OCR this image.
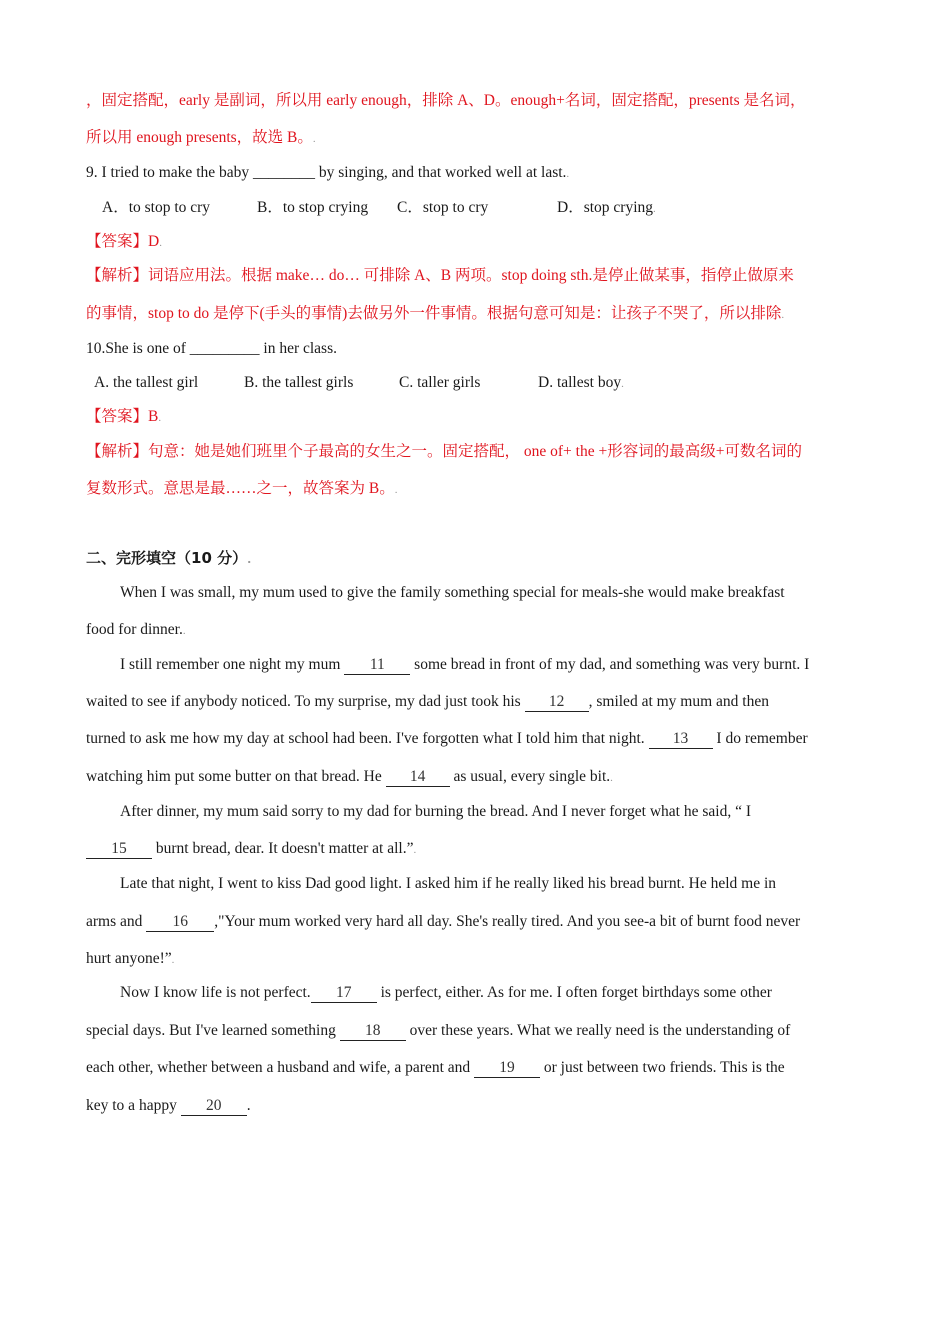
，固定搭配，early 是副词，所以用 early enough，排除 A、D。enough+名词，固定搭配，presents 是名词，
所以用 enough presents，故选 B。.
9. I tried to make the baby ________ by singing, and that worked well at last..
A．to stop to cry	B．to stop crying C．stop to cry	D．stop crying.
【答案】D.
【解析】词语应用法。根据 make… do… 可排除 A、B 两项。stop doing sth.是停止做某事，指停止做原来
的事情，stop to do 是停下(手头的事情)去做另外一件事情。根据句意可知是：让孩子不哭了，所以排除.
10.She is one of _________ in her class.
A. the tallest girl	B. the tallest girls	C. taller girls	D. tallest boy.
【答案】B.
【解析】句意：她是她们班里个子最高的女生之一。固定搭配， one of+ the +形容词的最高级+可数名词的
复数形式。意思是最……之一，故答案为 B。.
二、完形填空（10 分）.
When I was small, my mum used to give the family something special for meals-she would make breakfast
food for dinner..
I still remember one night my mum 11 some bread in front of my dad, and something was very burnt. I
waited to see if anybody noticed. To my surprise, my dad just took his 12 , smiled at my mum and then
turned to ask me how my day at school had been. I've forgotten what I told him that night. 13 I do remember
watching him put some butter on that bread. He 14 as usual, every single bit..
After dinner, my mum said sorry to my dad for burning the bread. And I never forget what he said, “ I
15 burnt bread, dear. It doesn't matter at all.”.
Late that night, I went to kiss Dad good light. I asked him if he really liked his bread burnt. He held me in
arms and 16 ,"Your mum worked very hard all day. She's really tired. And you see-a bit of burnt food never
hurt anyone!”.
Now I know life is not perfect. 17 is perfect, either. As for me. I often forget birthdays some other
special days. But I've learned something 18 over these years. What we really need is the understanding of
each other, whether between a husband and wife, a parent and 19 or just between two friends. This is the
key to a happy 20 .
